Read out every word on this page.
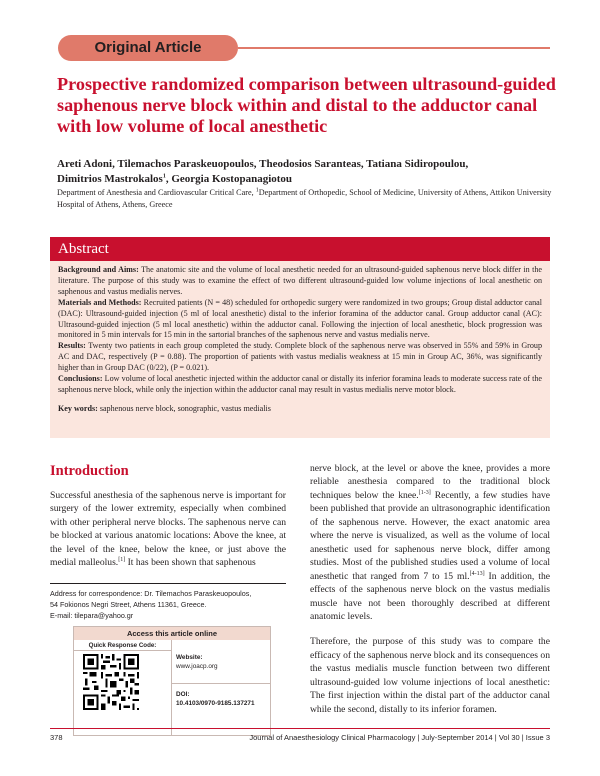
Original Article
Prospective randomized comparison between ultrasound-guided saphenous nerve block within and distal to the adductor canal with low volume of local anesthetic
Areti Adoni, Tilemachos Paraskeuopoulos, Theodosios Saranteas, Tatiana Sidiropoulou,
Dimitrios Mastrokalos$^1$, Georgia Kostopanagiotou
Department of Anesthesia and Cardiovascular Critical Care, $^1$Department of Orthopedic, School of Medicine, University of Athens, Attikon University Hospital of Athens, Athens, Greece
Abstract

Background and Aims: The anatomic site and the volume of local anesthetic needed for an ultrasound-guided saphenous nerve block differ in the literature. The purpose of this study was to examine the effect of two different ultrasound-guided low volume injections of local anesthetic on saphenous and vastus medialis nerves.

Materials and Methods: Recruited patients (N = 48) scheduled for orthopedic surgery were randomized in two groups; Group distal adductor canal (DAC): Ultrasound-guided injection (5 ml of local anesthetic) distal to the inferior foramina of the adductor canal. Group adductor canal (AC): Ultrasound-guided injection (5 ml local anesthetic) within the adductor canal. Following the injection of local anesthetic, block progression was monitored in 5 min intervals for 15 min in the sartorial branches of the saphenous nerve and vastus medialis nerve.

Results: Twenty two patients in each group completed the study. Complete block of the saphenous nerve was observed in 55% and 59% in Group AC and DAC, respectively (P = 0.88). The proportion of patients with vastus medialis weakness at 15 min in Group AC, 36%, was significantly higher than in Group DAC (0/22), (P = 0.021).

Conclusions: Low volume of local anesthetic injected within the adductor canal or distally its inferior foramina leads to moderate success rate of the saphenous nerve block, while only the injection within the adductor canal may result in vastus medialis nerve motor block.

Key words: saphenous nerve block, sonographic, vastus medialis

Introduction
Successful anesthesia of the saphenous nerve is important for surgery of the lower extremity, especially when combined with other peripheral nerve blocks. The saphenous nerve can be blocked at various anatomic locations: Above the knee, at the level of the knee, below the knee, or just above the medial malleolus.[1] It has been shown that saphenous

nerve block, at the level or above the knee, provides a more reliable anesthesia compared to the traditional block techniques below the knee.[1-3] Recently, a few studies have been published that provide an ultrasonographic identification of the saphenous nerve. However, the exact anatomic area where the nerve is visualized, as well as the volume of local anesthetic used for saphenous nerve block, differ among studies. Most of the published studies used a volume of local anesthetic that ranged from 7 to 15 ml.[4-13] In addition, the effects of the saphenous nerve block on the vastus medialis muscle have not been thoroughly described at different anatomic levels.

Therefore, the purpose of this study was to compare the efficacy of the saphenous nerve block and its consequences on the vastus medialis muscle function between two different ultrasound-guided low volume injections of local anesthetic: The first injection within the distal part of the adductor canal while the second, distally to its inferior foramen.

Address for correspondence: Dr. Tilemachos Paraskeuopoulos,
54 Fokionos Negri Street, Athens 11361, Greece.
E-mail: tilepara@yahoo.gr
Access this article online
Quick Response Code:
Website:
www.joacp.org
DOI:
10.4103/0970-9185.137271
378	Journal of Anaesthesiology Clinical Pharmacology | July-September 2014 | Vol 30 | Issue 3
